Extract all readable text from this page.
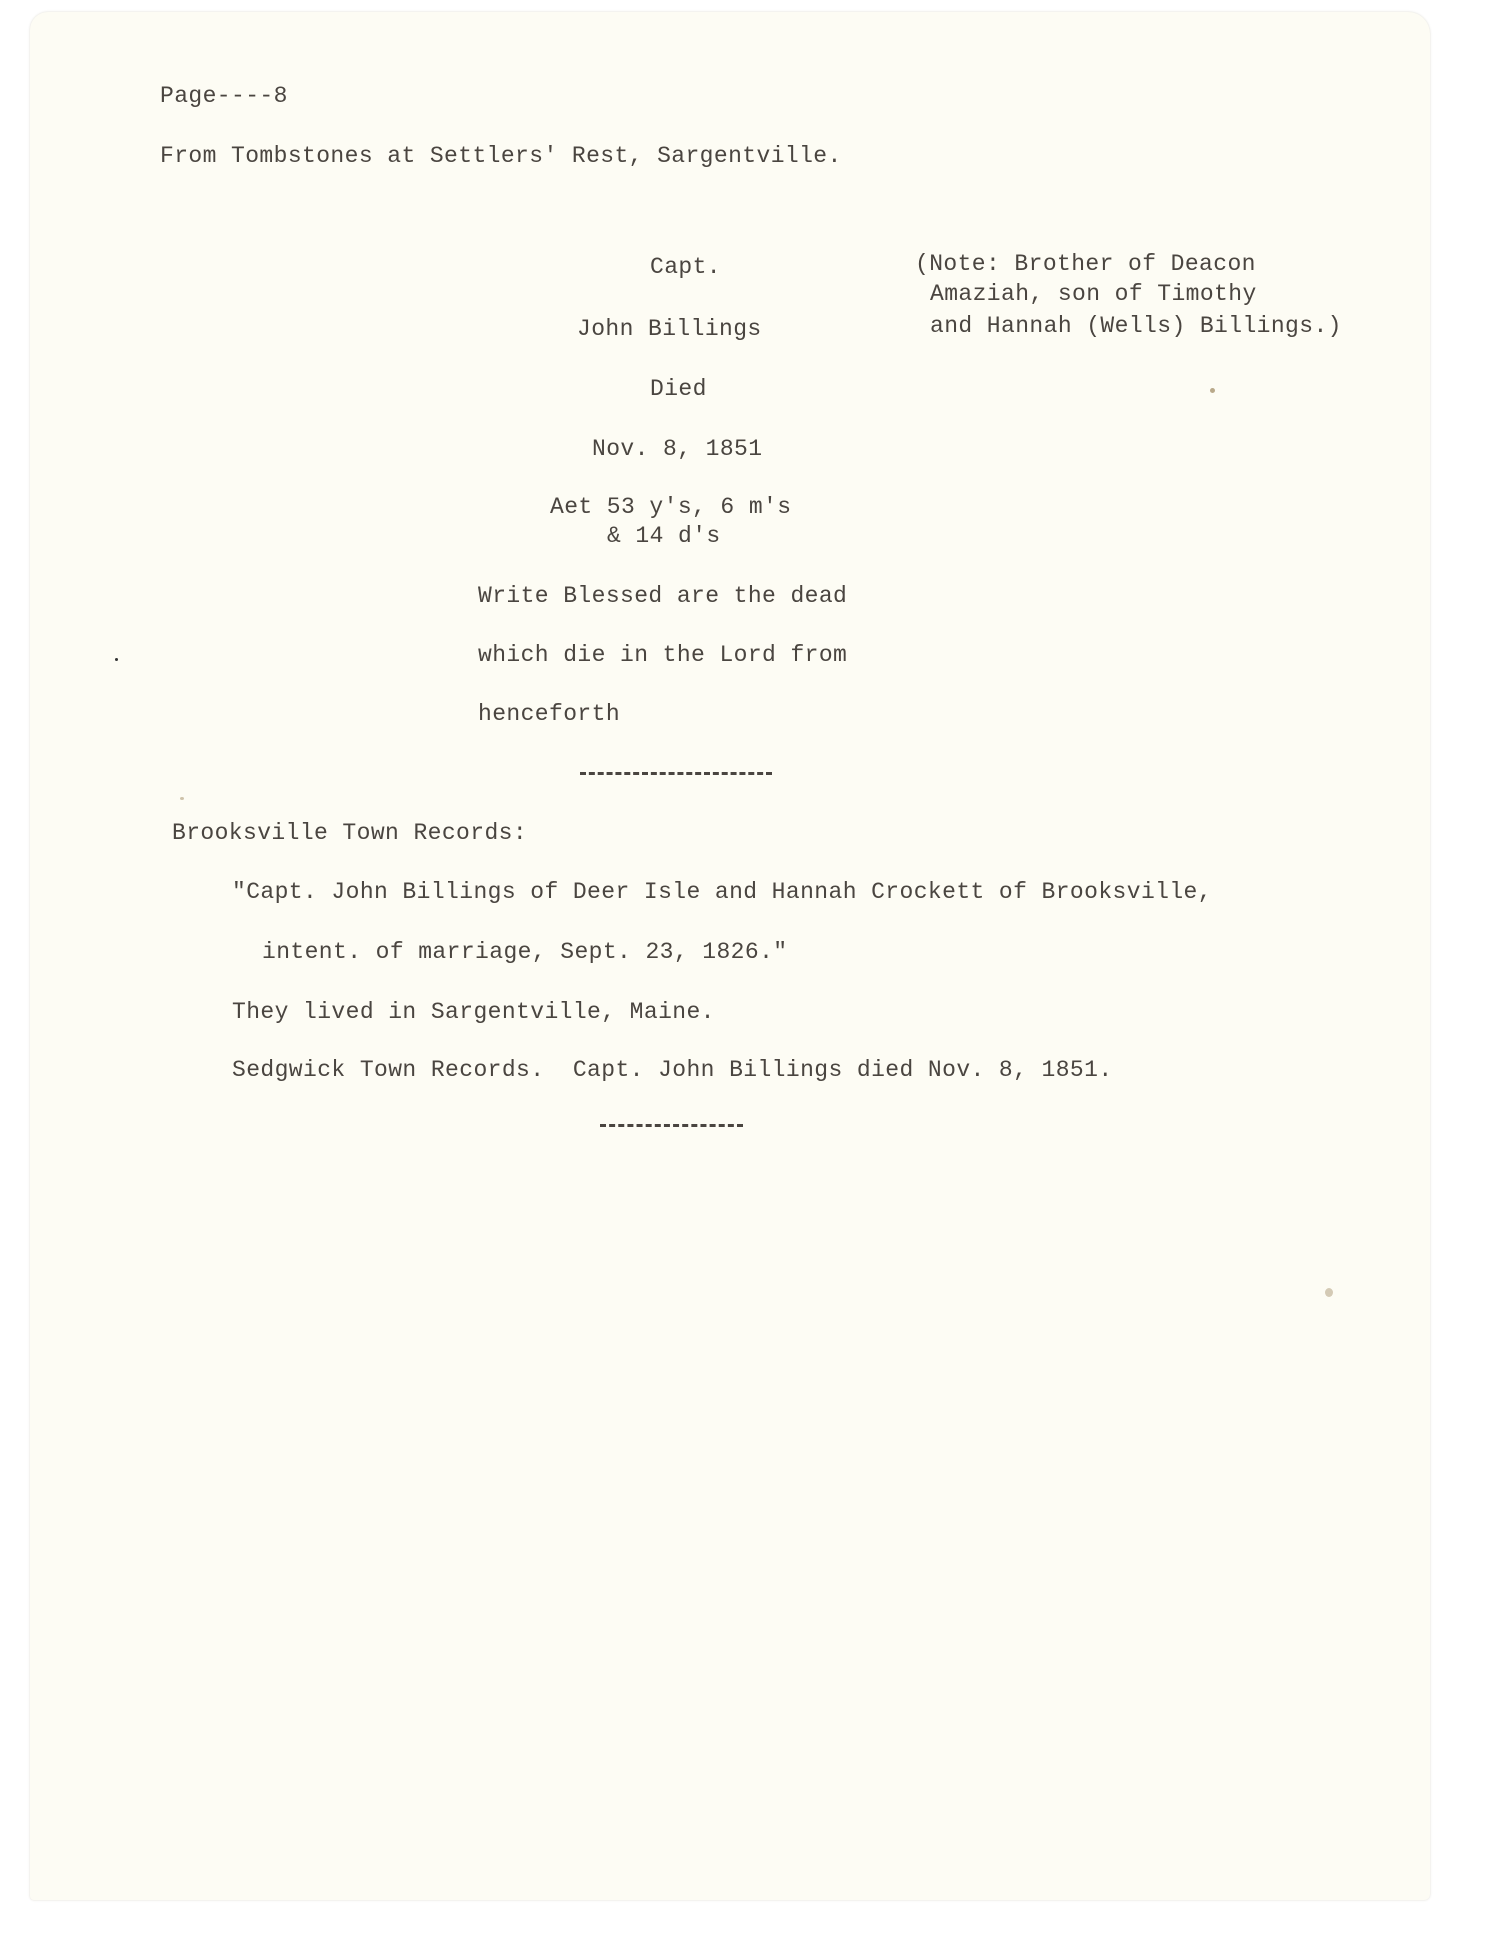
Page----8
From Tombstones at Settlers' Rest, Sargentville.
Capt.
John Billings
Died
Nov. 8, 1851
Aet 53 y's, 6 m's
& 14 d's
Write Blessed are the dead
which die in the Lord from
henceforth
(Note: Brother of Deacon
Amaziah, son of Timothy
and Hannah (Wells) Billings.)
Brooksville Town Records:
"Capt. John Billings of Deer Isle and Hannah Crockett of Brooksville,
intent. of marriage, Sept. 23, 1826."
They lived in Sargentville, Maine.
Sedgwick Town Records.  Capt. John Billings died Nov. 8, 1851.
